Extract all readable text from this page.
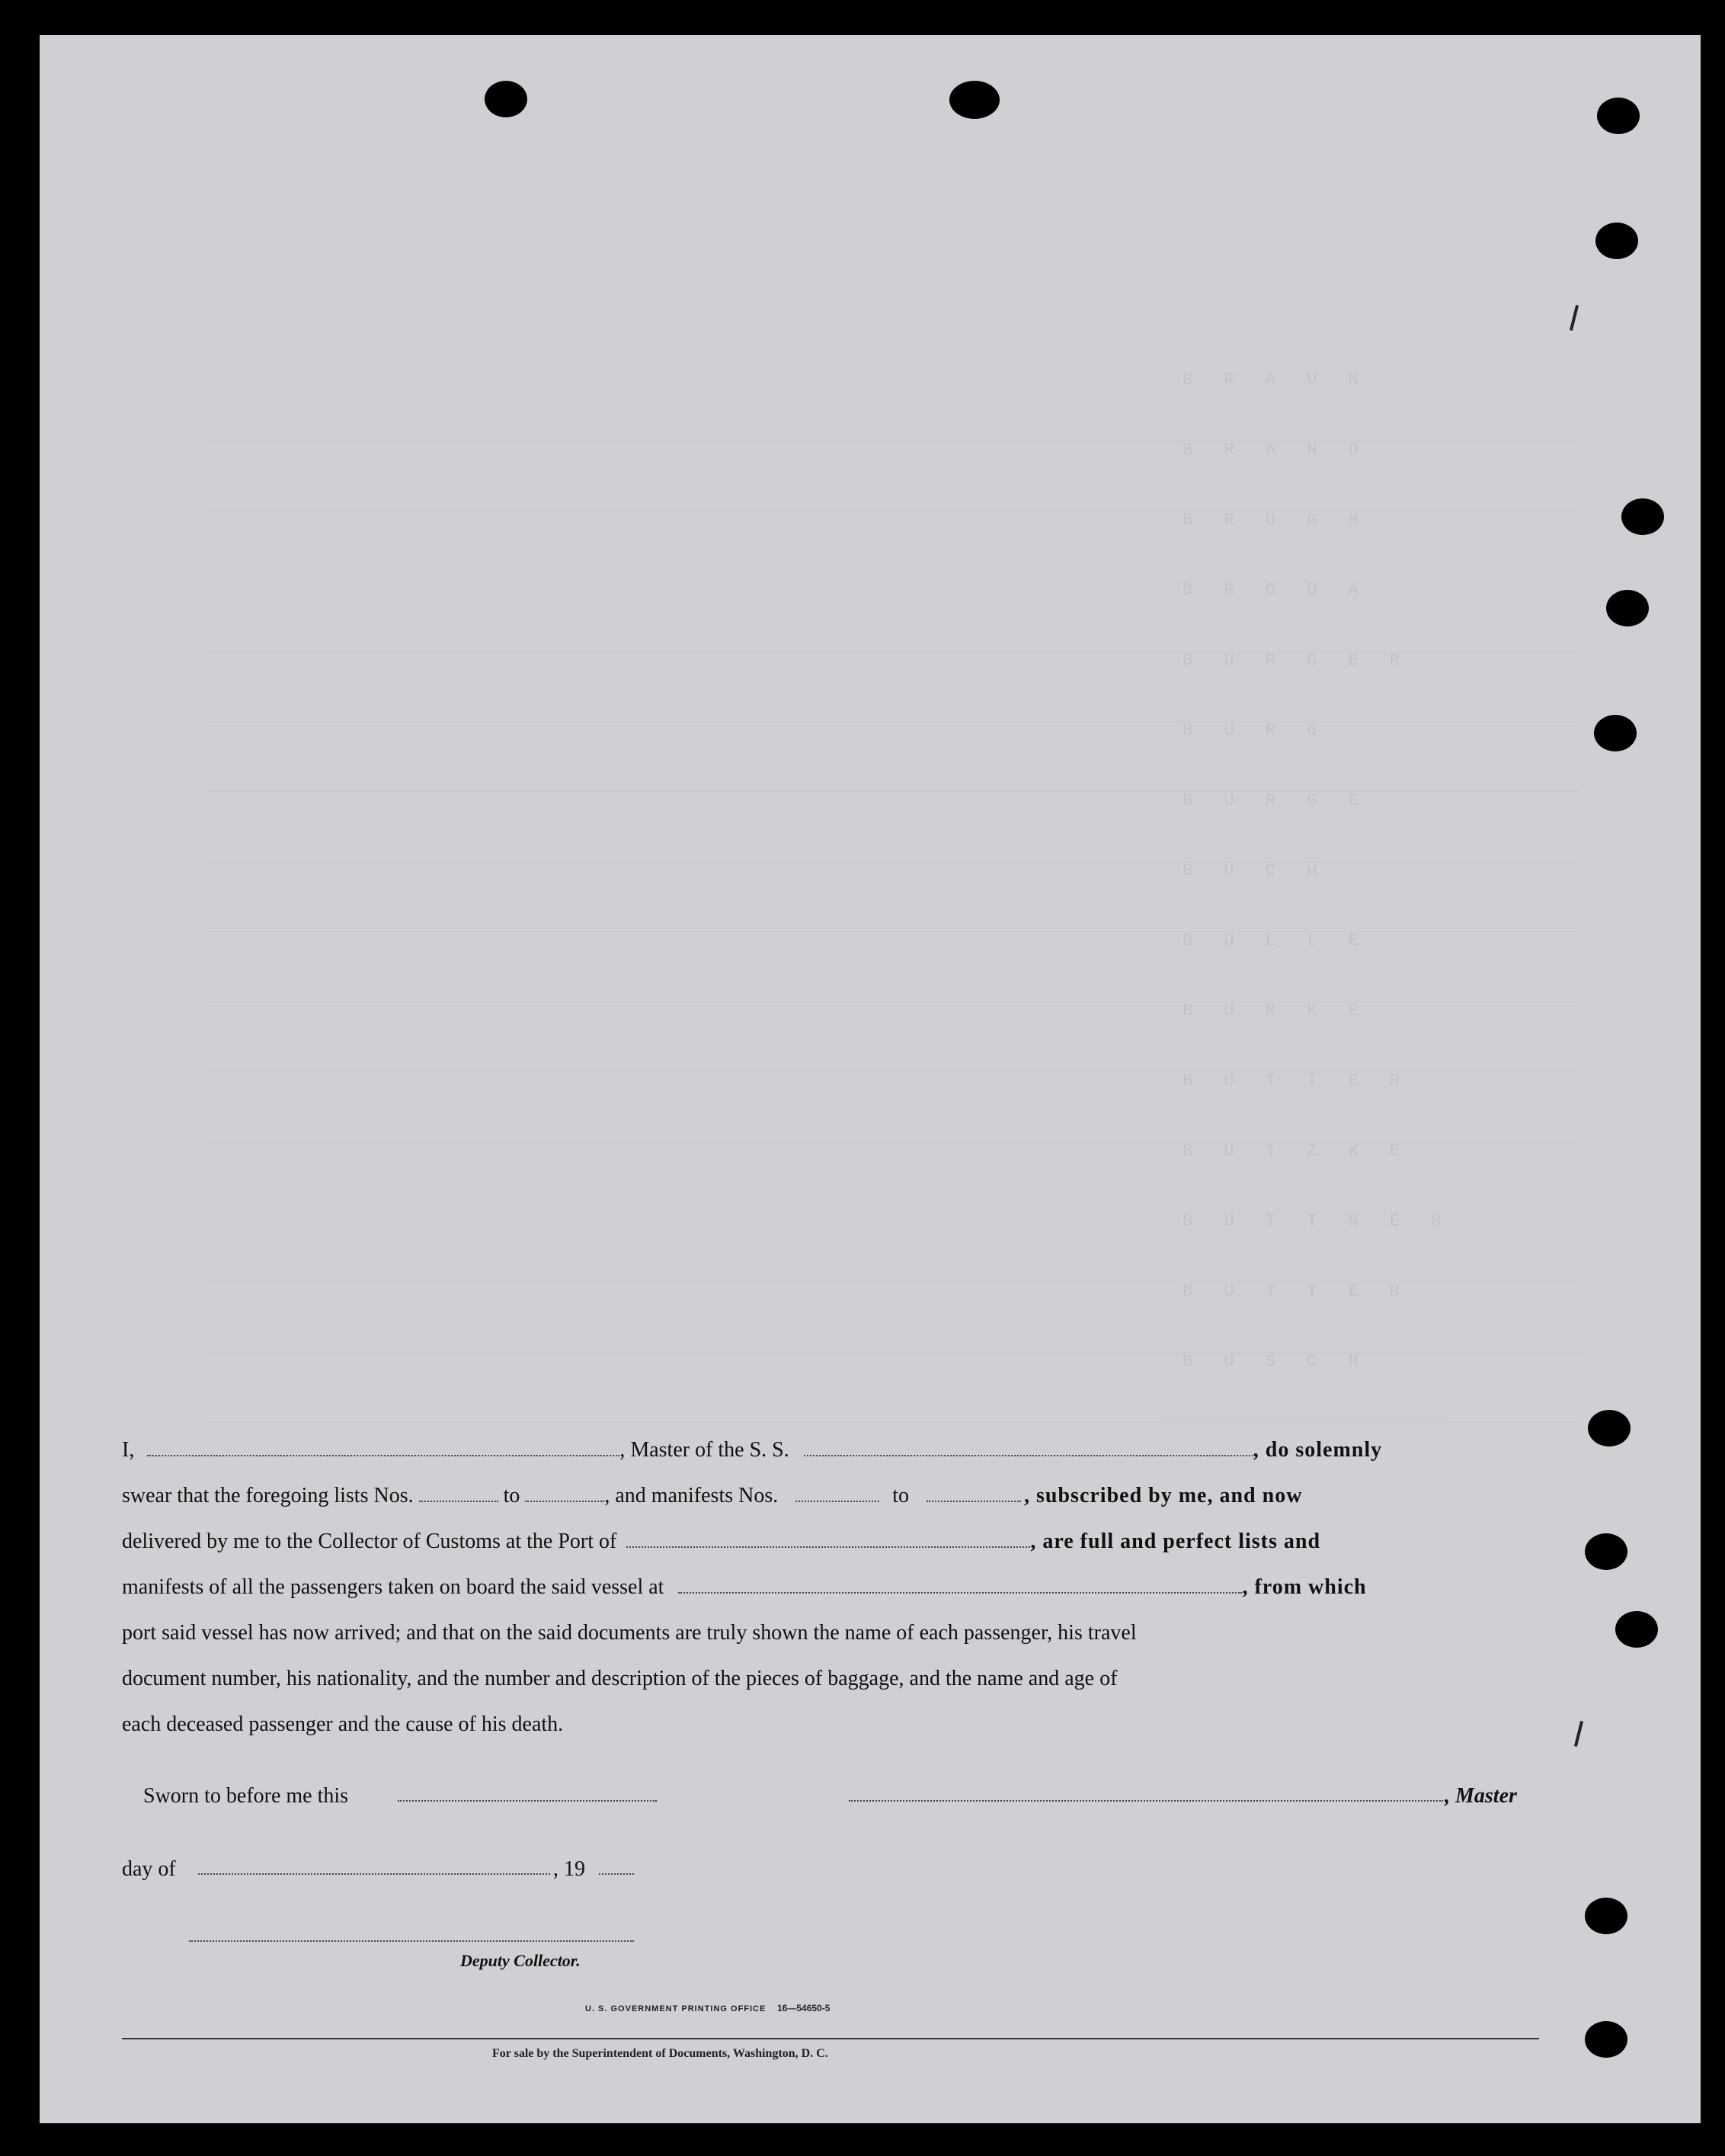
B R A U N
B R A N D
B R U G M
B R O D A
B U R G E R
B U R G
B U R G E
B U C H
B U L L E
B U R K E
B U T T E R
B U T Z K E
B U T T N E R
B U T T E R
B U S C H
I,	, Master of the S. S.	, do solemnly
swear that the foregoing lists Nos.	to	, and manifests Nos.	to	, subscribed by me, and now
delivered by me to the Collector of Customs at the Port of	, are full and perfect lists and
manifests of all the passengers taken on board the said vessel at	, from which
port said vessel has now arrived; and that on the said documents are truly shown the name of each passenger, his travel
document number, his nationality, and the number and description of the pieces of baggage, and the name and age of
each deceased passenger and the cause of his death.
Sworn to before me this	, Master
day of	, 19
Deputy Collector.
U. S. GOVERNMENT PRINTING OFFICE 16—54650-5
For sale by the Superintendent of Documents, Washington, D. C.
